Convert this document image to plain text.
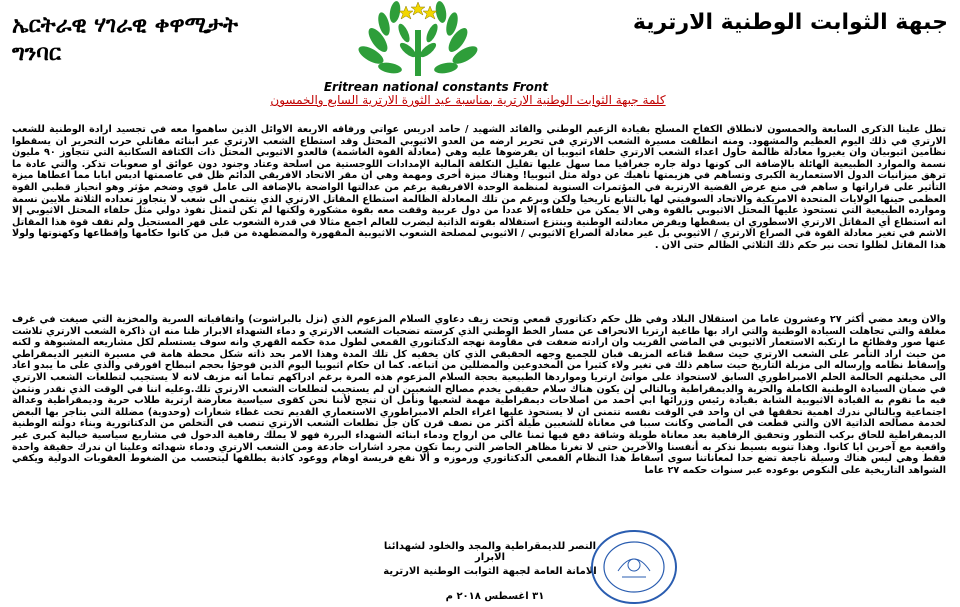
ኤርትራዊ ሃገራዊ ቀዋሚታት
ግንባር
جبهة الثوابت الوطنية الارترية
Eritrean national constants Front
كلمة جبهة الثوابت الوطنية الارترية بمناسبة عيد الثورة الارترية السابع والخمسون
تطل علينا الذكرى السابعة والخمسون لانطلاق الكفاح المسلح بقيادة الزعيم الوطني والقائد الشهيد / حامد ادريس عواتي ورفاقه الاربعة الاوائل الذين ساهموا معه في تجسيد ارادة الوطنية للشعب الارتري في ذلك اليوم العظيم والمشهود. ومنه انطلقت مسيرة الشعب الارتري في تحرير ارضه من العدو الاثيوبي المحتل وقد استطاع الشعب الارتري عبر ابنائه مقاتلي حرب التحرير ان يسقطوا نظامين اثيوبيان وان يغيروا معادلة ظالمة حاول اعداء الشعب الارتري حلفاء اثيوبيا ان يفرضوها عليه وهي (معادلة القوة الغاشمة) فالعدو الاثيوبي المحتل ذات الكثافة السكانية التي تتجاوز ٩٠ مليون نسمة والموارد الطبيعية الهائلة بالإضافة الى كونها دولة جاره جغرافيا مما سهل عليها تقليل التكلفة المالية الإمدادات اللوجستية من اسلحة وعتاد وجنود دون عوائق او صعوبات تذكر. والتي عادة ما ترهق ميزانيات الدول الاستعمارية الكبرى وتساهم في هزيمتها ناهيك عن دولة مثل اثيوبيا! وهناك ميزة أخرى ومهمة وهي ان مقر الاتحاد الافريقي الدائم ظل في عاصمتها اديس ابابا مما اعطاها ميزة التأثير على قراراتها و ساهم في منع عرض القضية الارترية في المؤتمرات السنوية لمنظمة الوحدة الافريقية برغم من عدالتها الواضحة بالإضافة الى عامل قوي وضخم مؤثر وهو انحياز قطبي القوة العظمى حينها الولايات المتحدة الامريكية والاتحاد السوفيتي لها بالتتابع تاريخيا ولكن وبرغم من تلك المعادلة الظالمة استطاع المقاتل الارتري الذي ينتمي الى شعب لا يتجاوز تعداده الثلاثة ملايين نسمة وموارده الطبيعية التي تستحوذ عليها المحتل الاثيوبي بالقوة وهي الا يمكن من حلفاءه إلا عددا من دول عربية وقفت معه بقوة مشكورة ولكنها لم تكن لتمثل نفوذ دولي مثل حلفاء المحتل الاثيوبي إلا انه استطاع أي المقاتل الارتري الاسطوري ان يسقطها ويفرض معادلته الوطنية وينتزع استقلاله بقوته الذاتية ليضرب للعالم اجمع مثالا في قدرة الشعوب على قهر المستحيل ولم تقف قوة هذا المقاتل الاشم في تغير معادلة القوة في الصراع الارتري / الاثيوبي بل غير معادلة الصراع الاثيوبي / الاثيوبي لمصلحة الشعوب الاثيوبية المقهورة والمضطهدة من قبل من كانوا حكامها وإقطاعها وكهنوتها ولولا هذا المقاتل لظلوا تحت نير حكم ذلك الثلاثي الظالم حتى الان .
والان وبعد مضي أكثر ٢٧ وعشرون عاما من استقلال البلاد وفي ظل حكم دكتاتوري قمعي وتحت زيف دعاوي السلام المزعوم الذي (نزل بالبراشوت) واتفاقياته السرية والمخزية التي صيغت في غرف مغلقة والتي تجاهلت السيادة الوطنية والتي اراد بها طاغية ارتريا الانحراف عن مسار الخط الوطني الذي كرسته تضحيات الشعب الارتري و دماء الشهداء الابرار ظنا منه ان ذاكرة الشعب الارتري تلاشت عنها صور وفظائع ما ارتكبه الاستعمار الاثيوبي في الماضي القريب وان ارادته ضعفت في مقاومة نهجه الدكتاتوري القمعي لطول مدة حكمه القهري وانه سوف يستسلم لكل مشاريعه المشبوهة و لكنه من حيث اراد التأمر على الشعب الارتري حيث سقط قناعه المزيف فبان للجميع وجهه الحقيقي الذي كان يخفيه كل تلك المدة وهذا الامر بحد ذاته شكل محطة هامة في مسيرة التغير الديمقراطي وإسقاط نظامه وإرساله الى مزبلة التاريخ حيث ساهم ذلك في تغير ولاء كثيرا من المخدوعين والمضللين من اتباعه. كما ان حكام اثيوبيا اليوم الذين فوجؤا بحجم انبطاح افورقي والذي على ما يبدو اعاد الى مخيلتهم الحالمة الحلم الامبراطوري السابق لاستحواذ على موانئ ارتريا ومواردها الطبيعية بحجة السلام المزعوم هذه المرة برغم ادراكهم تماما انه مزيف لانه لا يستجيب لتطلعات الشعب الارتري في ضمان السيادة الوطنية الكاملة والحرية والديمقراطية وبالتالي لن يكون هناك سلام حقيقي يخدم مصالح الشعبين ان لم يستجيب لتطلعات الشعب الارتري تلك.وعليه اننا في الوقت الذي نقدر ونثمن فيه ما تقوم به القيادة الاثيوبية الشابة بقيادة رئيس وزرائها ابي أحمد من اصلاحات ديمقراطية مهمة لشعبها ونأمل ان تنجح لأننا نحن كقوى سياسية معارضة ارترية طلاب حرية وديمقراطية وعدالة اجتماعية وبالتالي ندرك اهمية تحققها في ان واحد في الوقت نفسه تتمنى ان لا يستحوذ عليها اغراء الحلم الامبراطوري الاستعماري القديم تحت غطاء شعارات (وحدوية) مضللة التي يتاجر بها البعض لخدمة مصالحه الذاتية الان والتي قطعت في الماضي وكانت سببا في معاناة للشعبين طيلة أكثر من نصف قرن كان جل تطلعات الشعب الارتري تنصب في التخلص من الدكتاتورية وبناء دولته الوطنية الديمقراطية للحاق بركب التطور وتحقيق الرفاهية بعد معاناة طويلة وشاقة دفع فيها ثمنا غالي من ارواح ودماء ابنائه الشهداء البررة فهو لا يملك رفاهية الدخول في مشاريع سياسية خيالية كبرى غير واقعية مع آخرين ايا كانوا. وهذا تنويه بسيط نذكر به أنفسنا والآخرين حتى لا تغرنا مظاهر الحاضر التي ربما تكون مجرد اشارات خادعة ومن الشعب الارتري ودماء شهدائه وعلينا ان ندرك حقيقة واحدة فقط وهي ليس هناك وسيلة ناجعة تضع حدا لمعاناتنا سوى اسقاط هذا النظام القمعي الدكتاتوري ورموزه و ألا نقع فريسة اوهام ووعود كاذبة يطلقها ليتحسب من الضغوط العقوبات الدولية ويكفي الشواهد التاريخية على النكوص بوعوده عبر سنوات حكمه ٢٧ عاما
النصر للديمقراطية والمجد والخلود لشهدائنا الابرار
الامانة العامة لجبهة الثوابت الوطنية الارترية
٣١ اغسطس ٢٠١٨ م
